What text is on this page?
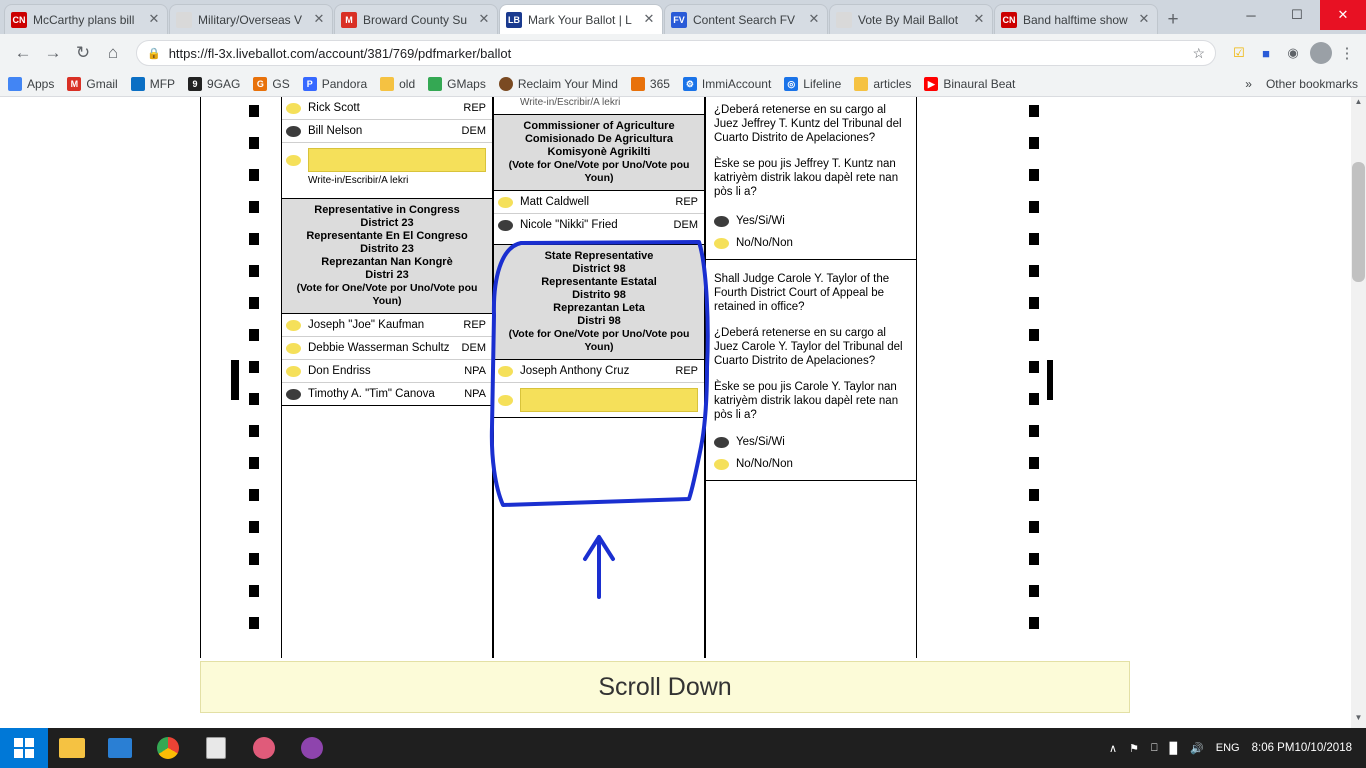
CN McCarthy plans bill	✕	Military/Overseas V ✕	M Broward County Su ✕ LB Mark Your Ballot | L ✕ FV Content Search FV	✕	Vote By Mail Ballot	✕ CN Band halftime show ✕ +	─	☐	✕
← → ↻	⌂	🔒 https://fl-3x.liveballot.com/account/381/769/pdfmarker/ballot	☆	☑	■	◉	⋮
Apps	M Gmail	MFP	9 9GAG	G GS	P Pandora	old	GMaps	Reclaim Your Mind	365	⚙ ImmiAccount	◎ Lifeline	articles	▶ Binaural Beat	» Other bookmarks
Rick Scott	REP
Bill Nelson	DEM
Write-in/Escribir/A lekri
Representative in Congress
District 23
Representante En El Congreso
Distrito 23
Reprezantan Nan Kongrè
Distri 23
(Vote for One/Vote por Uno/Vote pou Youn)
Joseph "Joe" Kaufman	REP
Debbie Wasserman Schultz	DEM
Don Endriss	NPA
Timothy A. "Tim" Canova	NPA
Write-in/Escribir/A lekri
Commissioner of Agriculture
Comisionado De Agricultura
Komisyonè Agrikilti
(Vote for One/Vote por Uno/Vote pou Youn)
Matt Caldwell	REP
Nicole "Nikki" Fried	DEM
State Representative
District 98
Representante Estatal
Distrito 98
Reprezantan Leta
Distri 98
(Vote for One/Vote por Uno/Vote pou Youn)
Joseph Anthony Cruz	REP
¿Deberá retenerse en su cargo al Juez Jeffrey T. Kuntz del Tribunal del Cuarto Distrito de Apelaciones?
Èske se pou jis Jeffrey T. Kuntz nan katriyèm distrik lakou dapèl rete nan pòs li a?
Yes/Si/Wi
No/No/Non
Shall Judge Carole Y. Taylor of the Fourth District Court of Appeal be retained in office?
¿Deberá retenerse en su cargo al Juez Carole Y. Taylor del Tribunal del Cuarto Distrito de Apelaciones?
Èske se pou jis Carole Y. Taylor nan katriyèm distrik lakou dapèl rete nan pòs li a?
Yes/Si/Wi
No/No/Non
Scroll Down
▲
▼
∧	⚑	⎕	▉	🔊	ENG	8:06 PM 10/10/2018
